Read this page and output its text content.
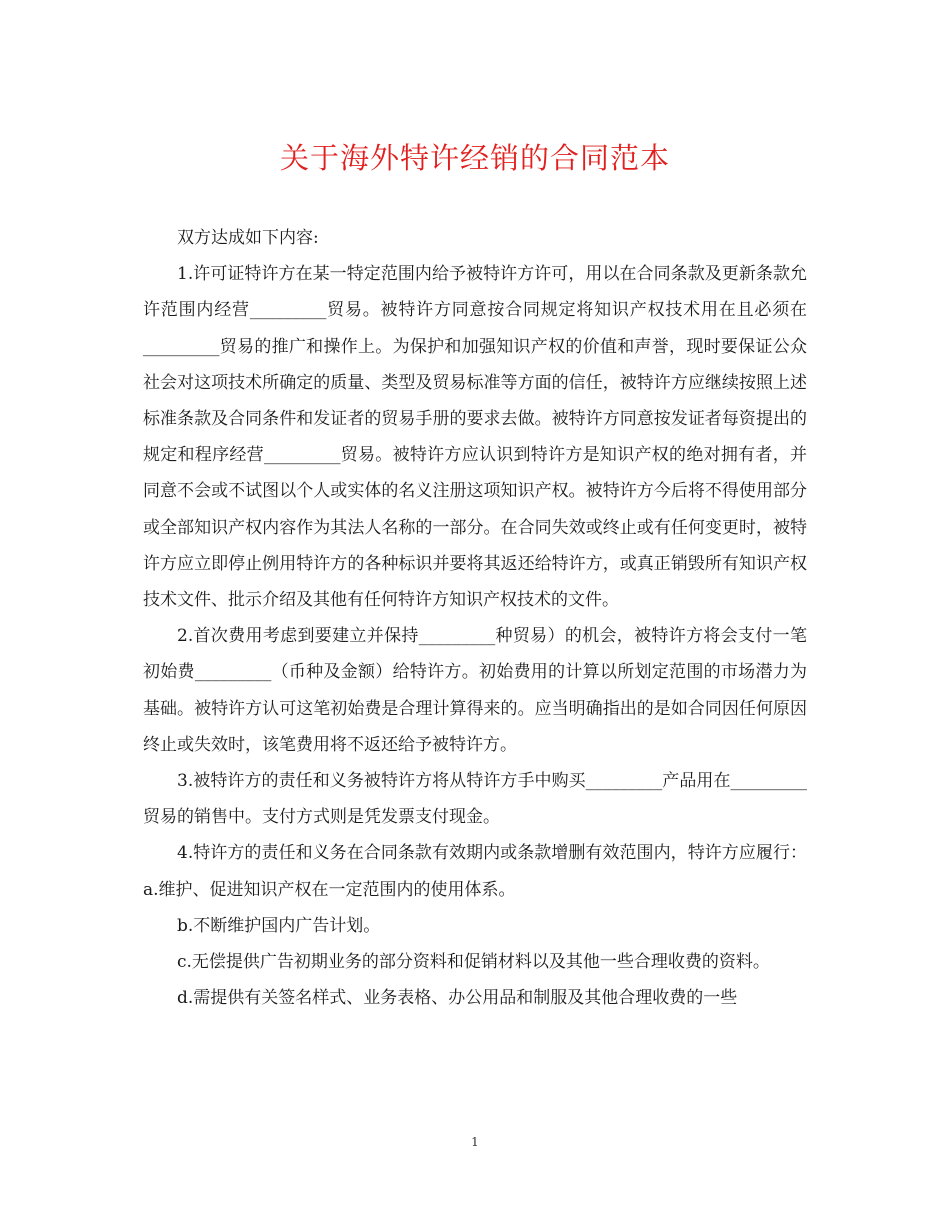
关于海外特许经销的合同范本

双方达成如下内容:

1.许可证特许方在某一特定范围内给予被特许方许可，用以在合同条款及更新条款允许范围内经营_________贸易。被特许方同意按合同规定将知识产权技术用在且必须在_________贸易的推广和操作上。为保护和加强知识产权的价值和声誉，现时要保证公众社会对这项技术所确定的质量、类型及贸易标准等方面的信任，被特许方应继续按照上述标准条款及合同条件和发证者的贸易手册的要求去做。被特许方同意按发证者每资提出的规定和程序经营_________贸易。被特许方应认识到特许方是知识产权的绝对拥有者，并同意不会或不试图以个人或实体的名义注册这项知识产权。被特许方今后将不得使用部分或全部知识产权内容作为其法人名称的一部分。在合同失效或终止或有任何变更时，被特许方应立即停止例用特许方的各种标识并要将其返还给特许方，或真正销毁所有知识产权技术文件、批示介绍及其他有任何特许方知识产权技术的文件。

2.首次费用考虑到要建立并保持_________种贸易）的机会，被特许方将会支付一笔初始费_________（币种及金额）给特许方。初始费用的计算以所划定范围的市场潜力为基础。被特许方认可这笔初始费是合理计算得来的。应当明确指出的是如合同因任何原因终止或失效时，该笔费用将不返还给予被特许方。

3.被特许方的责任和义务被特许方将从特许方手中购买_________产品用在_________贸易的销售中。支付方式则是凭发票支付现金。

4.特许方的责任和义务在合同条款有效期内或条款增删有效范围内，特许方应履行：a.维护、促进知识产权在一定范围内的使用体系。

b.不断维护国内广告计划。

c.无偿提供广告初期业务的部分资料和促销材料以及其他一些合理收费的资料。

d.需提供有关签名样式、业务表格、办公用品和制服及其他合理收费的一些

1
